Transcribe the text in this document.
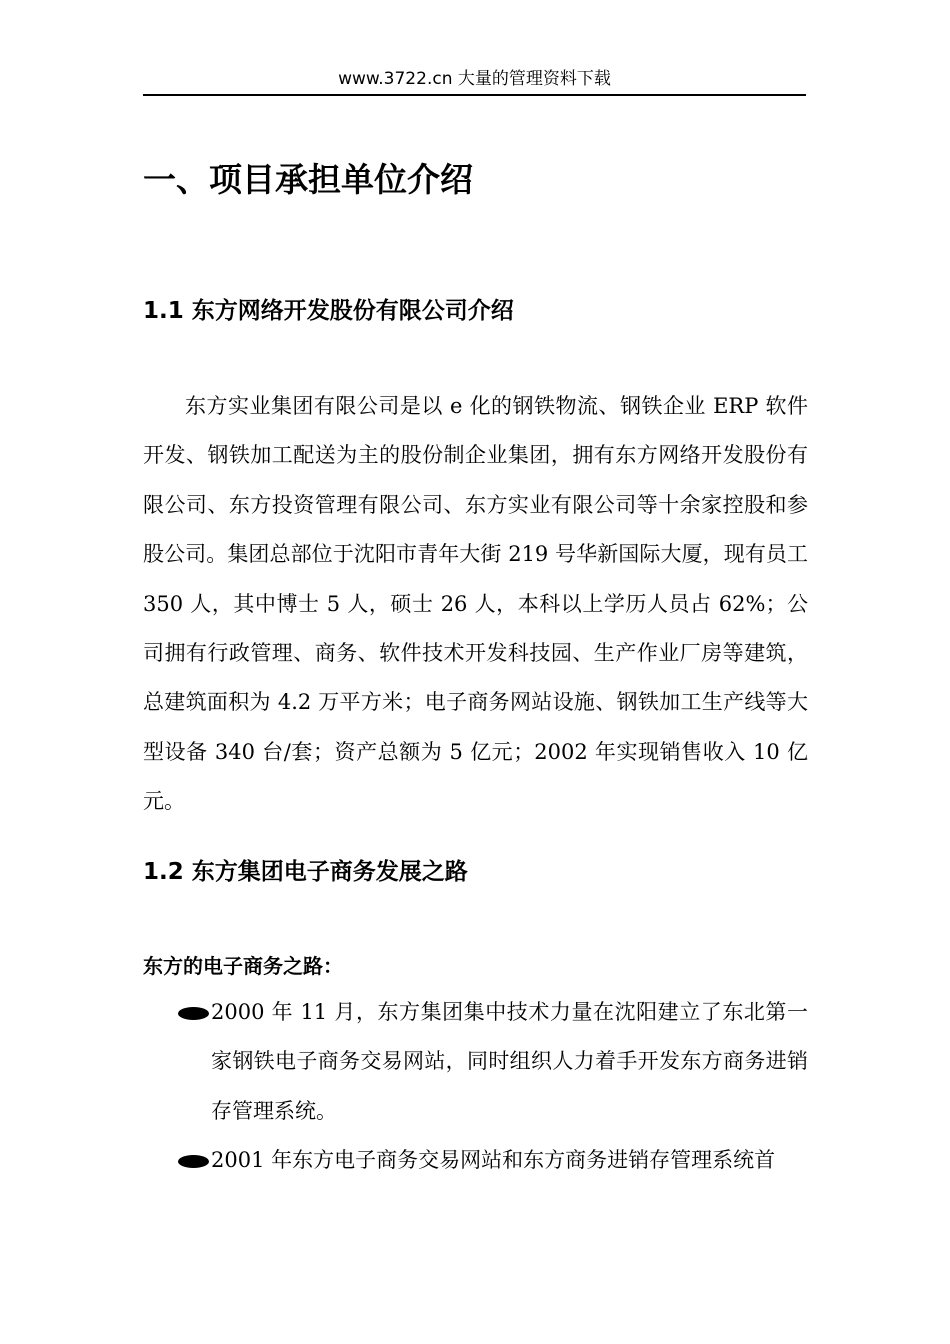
www.3722.cn 大量的管理资料下载
一、项目承担单位介绍
1.1 东方网络开发股份有限公司介绍

东方实业集团有限公司是以 e 化的钢铁物流、钢铁企业 ERP 软件开发、钢铁加工配送为主的股份制企业集团，拥有东方网络开发股份有限公司、东方投资管理有限公司、东方实业有限公司等十余家控股和参股公司。集团总部位于沈阳市青年大街 219 号华新国际大厦，现有员工 350 人，其中博士 5 人，硕士 26 人，本科以上学历人员占 62%；公司拥有行政管理、商务、软件技术开发科技园、生产作业厂房等建筑，总建筑面积为 4.2 万平方米；电子商务网站设施、钢铁加工生产线等大型设备 340 台/套；资产总额为 5 亿元；2002 年实现销售收入 10 亿元。

1.2 东方集团电子商务发展之路
东方的电子商务之路：
2000 年 11 月，东方集团集中技术力量在沈阳建立了东北第一家钢铁电子商务交易网站，同时组织人力着手开发东方商务进销存管理系统。
2001 年东方电子商务交易网站和东方商务进销存管理系统首
